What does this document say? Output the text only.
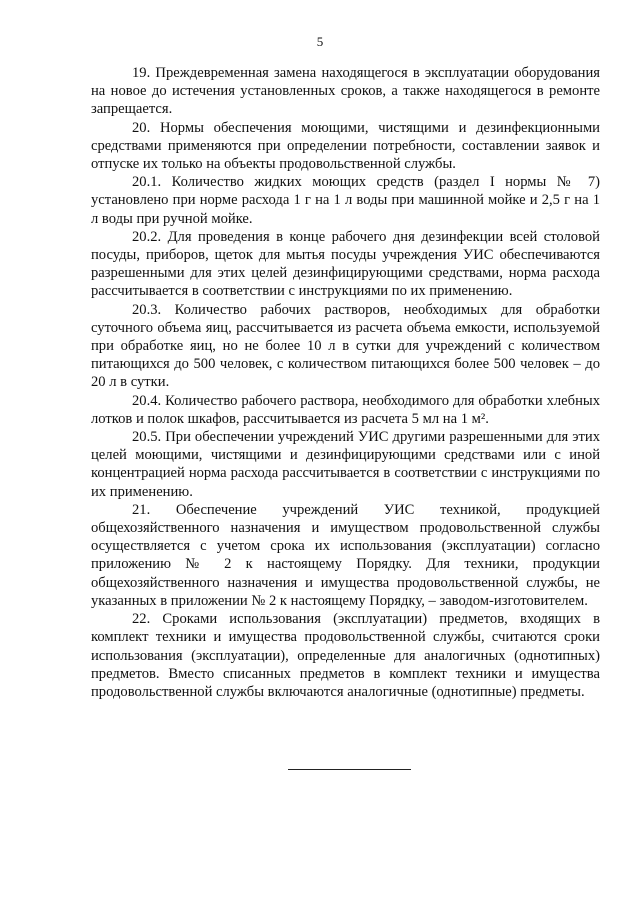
5

19. Преждевременная замена находящегося в эксплуатации оборудования на новое до истечения установленных сроков, а также находящегося в ремонте запрещается.

20. Нормы обеспечения моющими, чистящими и дезинфекционными средствами применяются при определении потребности, составлении заявок и отпуске их только на объекты продовольственной службы.

20.1. Количество жидких моющих средств (раздел I нормы № 7) установлено при норме расхода 1 г на 1 л воды при машинной мойке и 2,5 г на 1 л воды при ручной мойке.

20.2. Для проведения в конце рабочего дня дезинфекции всей столовой посуды, приборов, щеток для мытья посуды учреждения УИС обеспечиваются разрешенными для этих целей дезинфицирующими средствами, норма расхода рассчитывается в соответствии с инструкциями по их применению.

20.3. Количество рабочих растворов, необходимых для обработки суточного объема яиц, рассчитывается из расчета объема емкости, используемой при обработке яиц, но не более 10 л в сутки для учреждений с количеством питающихся до 500 человек, с количеством питающихся более 500 человек – до 20 л в сутки.

20.4. Количество рабочего раствора, необходимого для обработки хлебных лотков и полок шкафов, рассчитывается из расчета 5 мл на 1 м².

20.5. При обеспечении учреждений УИС другими разрешенными для этих целей моющими, чистящими и дезинфицирующими средствами или с иной концентрацией норма расхода рассчитывается в соответствии с инструкциями по их применению.

21. Обеспечение учреждений УИС техникой, продукцией общехозяйственного назначения и имуществом продовольственной службы осуществляется с учетом срока их использования (эксплуатации) согласно приложению № 2 к настоящему Порядку. Для техники, продукции общехозяйственного назначения и имущества продовольственной службы, не указанных в приложении № 2 к настоящему Порядку, – заводом-изготовителем.

22. Сроками использования (эксплуатации) предметов, входящих в комплект техники и имущества продовольственной службы, считаются сроки использования (эксплуатации), определенные для аналогичных (однотипных) предметов. Вместо списанных предметов в комплект техники и имущества продовольственной службы включаются аналогичные (однотипные) предметы.
